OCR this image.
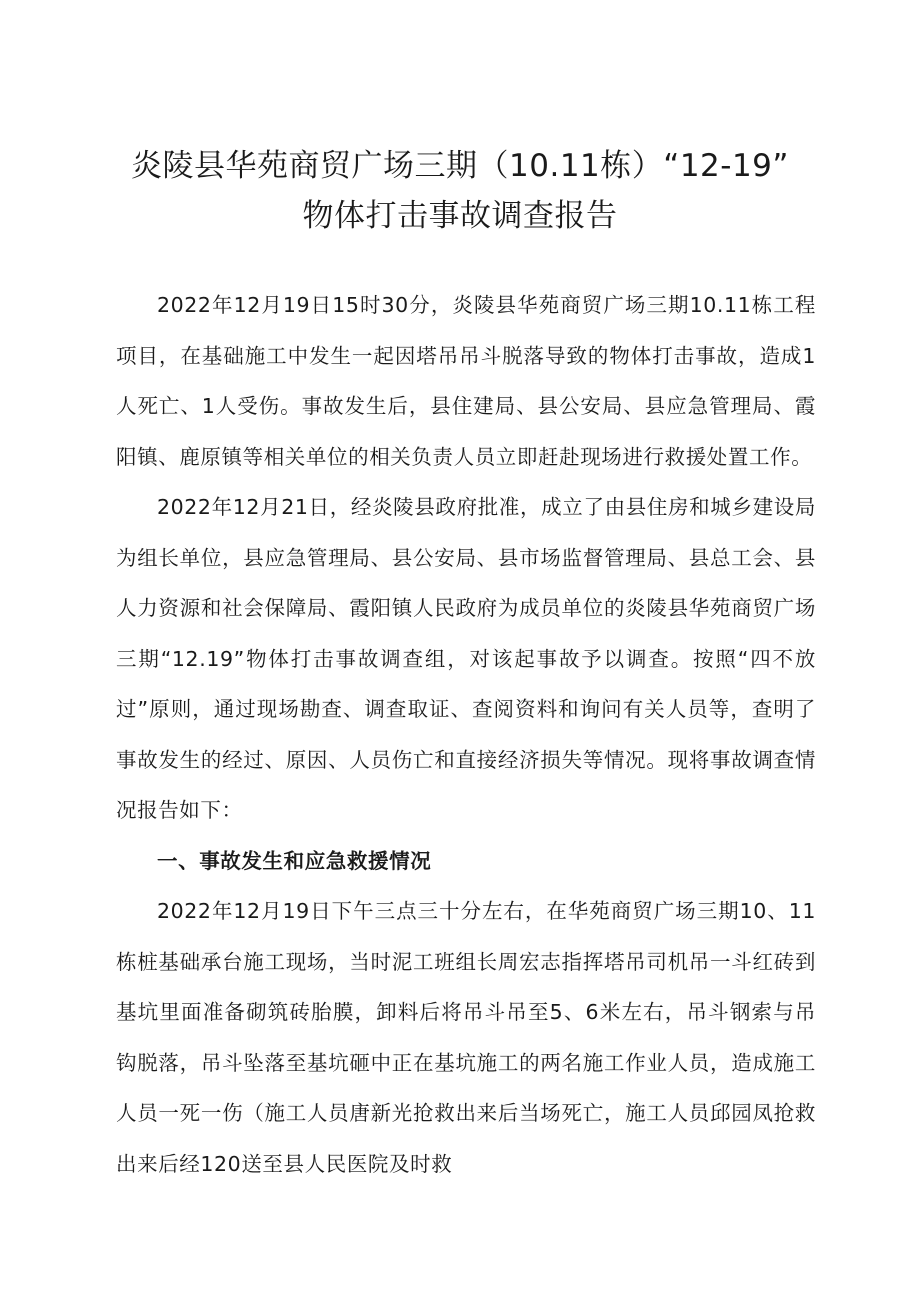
炎陵县华苑商贸广场三期（10.11栋）“12-19”
物体打击事故调查报告

2022年12月19日15时30分，炎陵县华苑商贸广场三期10.11栋工程项目，在基础施工中发生一起因塔吊吊斗脱落导致的物体打击事故，造成1人死亡、1人受伤。事故发生后，县住建局、县公安局、县应急管理局、霞阳镇、鹿原镇等相关单位的相关负责人员立即赶赴现场进行救援处置工作。

2022年12月21日，经炎陵县政府批准，成立了由县住房和城乡建设局为组长单位，县应急管理局、县公安局、县市场监督管理局、县总工会、县人力资源和社会保障局、霞阳镇人民政府为成员单位的炎陵县华苑商贸广场三期“12.19”物体打击事故调查组，对该起事故予以调查。按照“四不放过”原则，通过现场勘查、调查取证、查阅资料和询问有关人员等，查明了事故发生的经过、原因、人员伤亡和直接经济损失等情况。现将事故调查情况报告如下：

一、事故发生和应急救援情况

2022年12月19日下午三点三十分左右，在华苑商贸广场三期10、11栋桩基础承台施工现场，当时泥工班组长周宏志指挥塔吊司机吊一斗红砖到基坑里面准备砌筑砖胎膜，卸料后将吊斗吊至5、6米左右，吊斗钢索与吊钩脱落，吊斗坠落至基坑砸中正在基坑施工的两名施工作业人员，造成施工人员一死一伤（施工人员唐新光抢救出来后当场死亡，施工人员邱园凤抢救出来后经120送至县人民医院及时救
